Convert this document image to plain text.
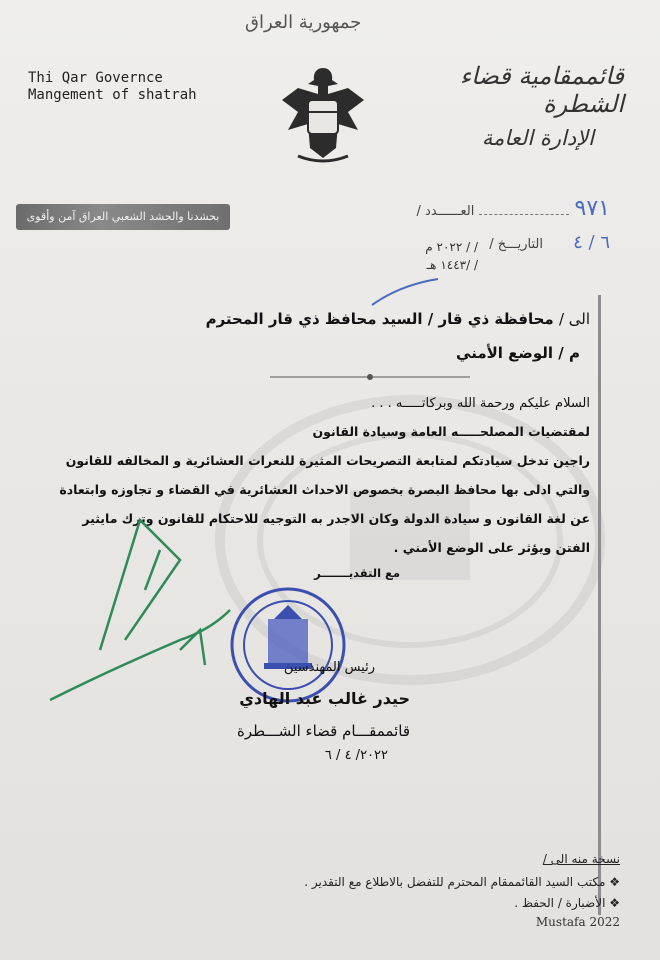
جمهورية العراق
Thi Qar Governce
Mangement of shatrah
قائممقامية قضاء الشطرة
الإدارة العامة
بحشدنا والحشد الشعبي العراق آمن وأقوى	٩٧١  العــــــدد /
٦ / ٤  التاريـــخ /
/ / ٢٠٢٢ م
/ /١٤٤٣ هـ
الى / محافظة ذي قار / السيد محافظ ذي قار المحترم
م / الوضع الأمني
السلام عليكم ورحمة الله وبركاتـــــه . . .
لمقتضيات المصلحـــــه العامة وسيادة القانون
راجين تدخل سيادتكم لمتابعة التصريحات المثيرة للنعرات العشائرية و المخالفه للقانون
والتي ادلى بها محافظ البصرة بخصوص الاحداث العشائرية في القضاء و تجاوزه وابتعادة
عن لغة القانون و سيادة الدولة وكان الاجدر به التوجيه للاحتكام للقانون وترك مايثير
الفتن ويؤثر على الوضع الأمني .
مع التقديـــــــر
رئيس المهندسين
حيدر غالب عبد الهادي
قائممقـــام قضاء الشـــطرة
٢٠٢٢/ ٤ / ٦
نسخة منه الى /
❖ مكتب السيد القائممقام المحترم للتفضل بالاطلاع مع التقدير .
❖ الأضبارة / الحفظ .
Mustafa 2022
